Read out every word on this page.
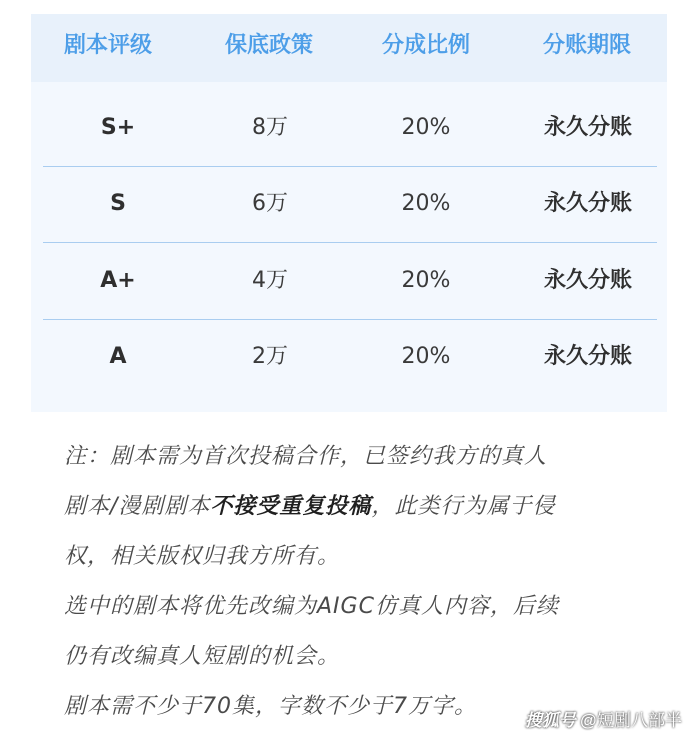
剧本评级	保底政策	分成比例	分账期限
S+	8万	20%	永久分账
S	6万	20%	永久分账
A+	4万	20%	永久分账
A	2万	20%	永久分账

注：剧本需为首次投稿合作，已签约我方的真人

剧本/漫剧剧本不接受重复投稿，此类行为属于侵

权，相关版权归我方所有。

选中的剧本将优先改编为AIGC仿真人内容，后续

仍有改编真人短剧的机会。

剧本需不少于70集，字数不少于7万字。

搜狐号 @短剧八部半
